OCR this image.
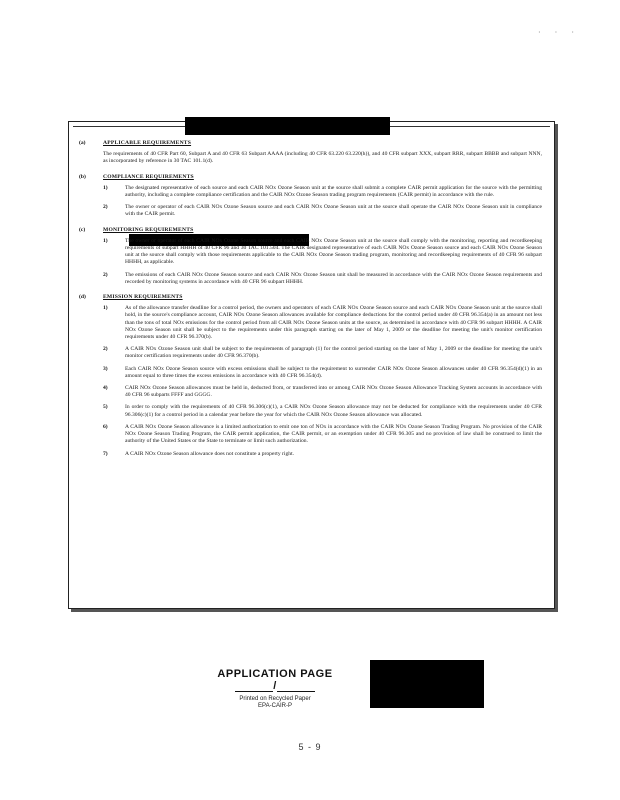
· · ·
(a)	APPLICABLE REQUIREMENTS
The requirements of 40 CFR Part 60, Subpart A and 40 CFR 63 Subpart AAAA (including 40 CFR 63.220 63.220(h)), and 40 CFR subpart XXX, subpart RRR, subpart BBBB and subpart NNN, as incorporated by reference in 30 TAC 101.1(d).
(b)	COMPLIANCE REQUIREMENTS
1)	The designated representative of each source and each CAIR NOx Ozone Season unit at the source shall submit a complete CAIR permit application for the source with the permitting authority, including a complete compliance certification and the CAIR NOx Ozone Season trading program requirements (CAIR permit) in accordance with the rule.
2)	The owner or operator of each CAIR NOx Ozone Season source and each CAIR NOx Ozone Season unit at the source shall operate the CAIR NOx Ozone Season unit in compliance with the CAIR permit.
(c)	MONITORING REQUIREMENTS
1)	The owner or operator of each CAIR NOx Ozone Season source and each CAIR NOx Ozone Season unit at the source shall comply with the monitoring, reporting and recordkeeping requirements of subpart HHHH of 40 CFR 96 and 30 TAC 101.504. The CAIR designated representative of each CAIR NOx Ozone Season source and each CAIR NOx Ozone Season unit at the source shall comply with those requirements applicable to the CAIR NOx Ozone Season trading program, monitoring and recordkeeping requirements of 40 CFR 96 subpart HHHH, as applicable.
2)	The emissions of each CAIR NOx Ozone Season source and each CAIR NOx Ozone Season unit shall be measured in accordance with the CAIR NOx Ozone Season requirements and recorded by monitoring systems in accordance with 40 CFR 96 subpart HHHH.
(d)	EMISSION REQUIREMENTS
1)	As of the allowance transfer deadline for a control period, the owners and operators of each CAIR NOx Ozone Season source and each CAIR NOx Ozone Season unit at the source shall hold, in the source's compliance account, CAIR NOx Ozone Season allowances available for compliance deductions for the control period under 40 CFR 96.354(a) in an amount not less than the tons of total NOx emissions for the control period from all CAIR NOx Ozone Season units at the source, as determined in accordance with 40 CFR 96 subpart HHHH. A CAIR NOx Ozone Season unit shall be subject to the requirements under this paragraph starting on the later of May 1, 2009 or the deadline for meeting the unit's monitor certification requirements under 40 CFR 96.370(b).
2)	A CAIR NOx Ozone Season unit shall be subject to the requirements of paragraph (1) for the control period starting on the later of May 1, 2009 or the deadline for meeting the unit's monitor certification requirements under 40 CFR 96.370(b).
3)	Each CAIR NOx Ozone Season source with excess emissions shall be subject to the requirement to surrender CAIR NOx Ozone Season allowances under 40 CFR 96.354(d)(1) in an amount equal to three times the excess emissions in accordance with 40 CFR 96.354(d).
4)	CAIR NOx Ozone Season allowances must be held in, deducted from, or transferred into or among CAIR NOx Ozone Season Allowance Tracking System accounts in accordance with 40 CFR 96 subparts FFFF and GGGG.
5)	In order to comply with the requirements of 40 CFR 96.306(c)(1), a CAIR NOx Ozone Season allowance may not be deducted for compliance with the requirements under 40 CFR 96.306(c)(1) for a control period in a calendar year before the year for which the CAIR NOx Ozone Season allowance was allocated.
6)	A CAIR NOx Ozone Season allowance is a limited authorization to emit one ton of NOx in accordance with the CAIR NOx Ozone Season Trading Program. No provision of the CAIR NOx Ozone Season Trading Program, the CAIR permit application, the CAIR permit, or an exemption under 40 CFR 96.305 and no provision of law shall be construed to limit the authority of the United States or the State to terminate or limit such authorization.
7)	A CAIR NOx Ozone Season allowance does not constitute a property right.
APPLICATION PAGE /
Printed on Recycled Paper
EPA-CAIR-P
5 - 9
